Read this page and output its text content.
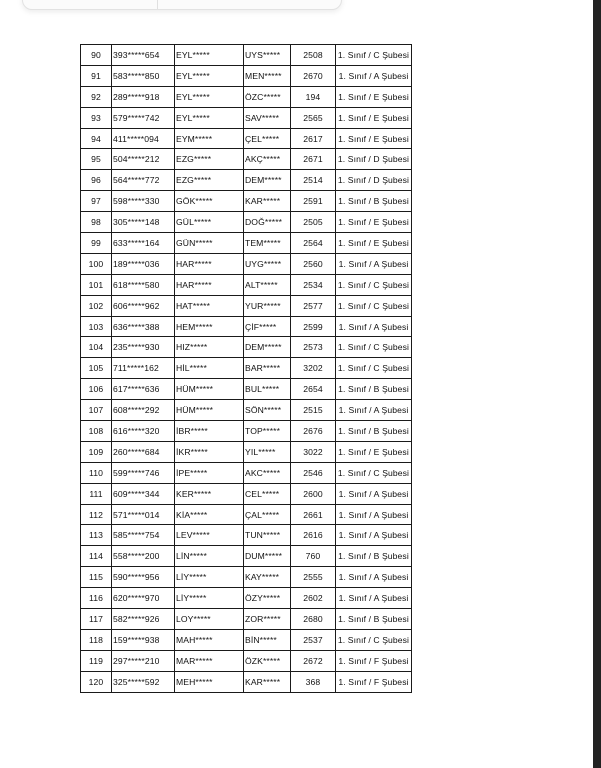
90	393*****654	EYL*****	UYS*****	2508	1. Sınıf / C Şubesi
91	583*****850	EYL*****	MEN*****	2670	1. Sınıf / A Şubesi
92	289*****918	EYL*****	ÖZC*****	194	1. Sınıf / E Şubesi
93	579*****742	EYL*****	SAV*****	2565	1. Sınıf / E Şubesi
94	411*****094	EYM*****	ÇEL*****	2617	1. Sınıf / E Şubesi
95	504*****212	EZG*****	AKÇ*****	2671	1. Sınıf / D Şubesi
96	564*****772	EZG*****	DEM*****	2514	1. Sınıf / D Şubesi
97	598*****330	GÖK*****	KAR*****	2591	1. Sınıf / B Şubesi
98	305*****148	GÜL*****	DOĞ*****	2505	1. Sınıf / E Şubesi
99	633*****164	GÜN*****	TEM*****	2564	1. Sınıf / E Şubesi
100	189*****036	HAR*****	UYG*****	2560	1. Sınıf / A Şubesi
101	618*****580	HAR*****	ALT*****	2534	1. Sınıf / C Şubesi
102	606*****962	HAT*****	YUR*****	2577	1. Sınıf / C Şubesi
103	636*****388	HEM*****	ÇİF*****	2599	1. Sınıf / A Şubesi
104	235*****930	HIZ*****	DEM*****	2573	1. Sınıf / C Şubesi
105	711*****162	HİL*****	BAR*****	3202	1. Sınıf / C Şubesi
106	617*****636	HÜM*****	BUL*****	2654	1. Sınıf / B Şubesi
107	608*****292	HÜM*****	SÖN*****	2515	1. Sınıf / A Şubesi
108	616*****320	İBR*****	TOP*****	2676	1. Sınıf / B Şubesi
109	260*****684	İKR*****	YIL*****	3022	1. Sınıf / E Şubesi
110	599*****746	İPE*****	AKC*****	2546	1. Sınıf / C Şubesi
111	609*****344	KER*****	CEL*****	2600	1. Sınıf / A Şubesi
112	571*****014	KİA*****	ÇAL*****	2661	1. Sınıf / A Şubesi
113	585*****754	LEV*****	TUN*****	2616	1. Sınıf / A Şubesi
114	558*****200	LİN*****	DUM*****	760	1. Sınıf / B Şubesi
115	590*****956	LİY*****	KAY*****	2555	1. Sınıf / A Şubesi
116	620*****970	LİY*****	ÖZY*****	2602	1. Sınıf / A Şubesi
117	582*****926	LOY*****	ZOR*****	2680	1. Sınıf / B Şubesi
118	159*****938	MAH*****	BİN*****	2537	1. Sınıf / C Şubesi
119	297*****210	MAR*****	ÖZK*****	2672	1. Sınıf / F Şubesi
120	325*****592	MEH*****	KAR*****	368	1. Sınıf / F Şubesi
